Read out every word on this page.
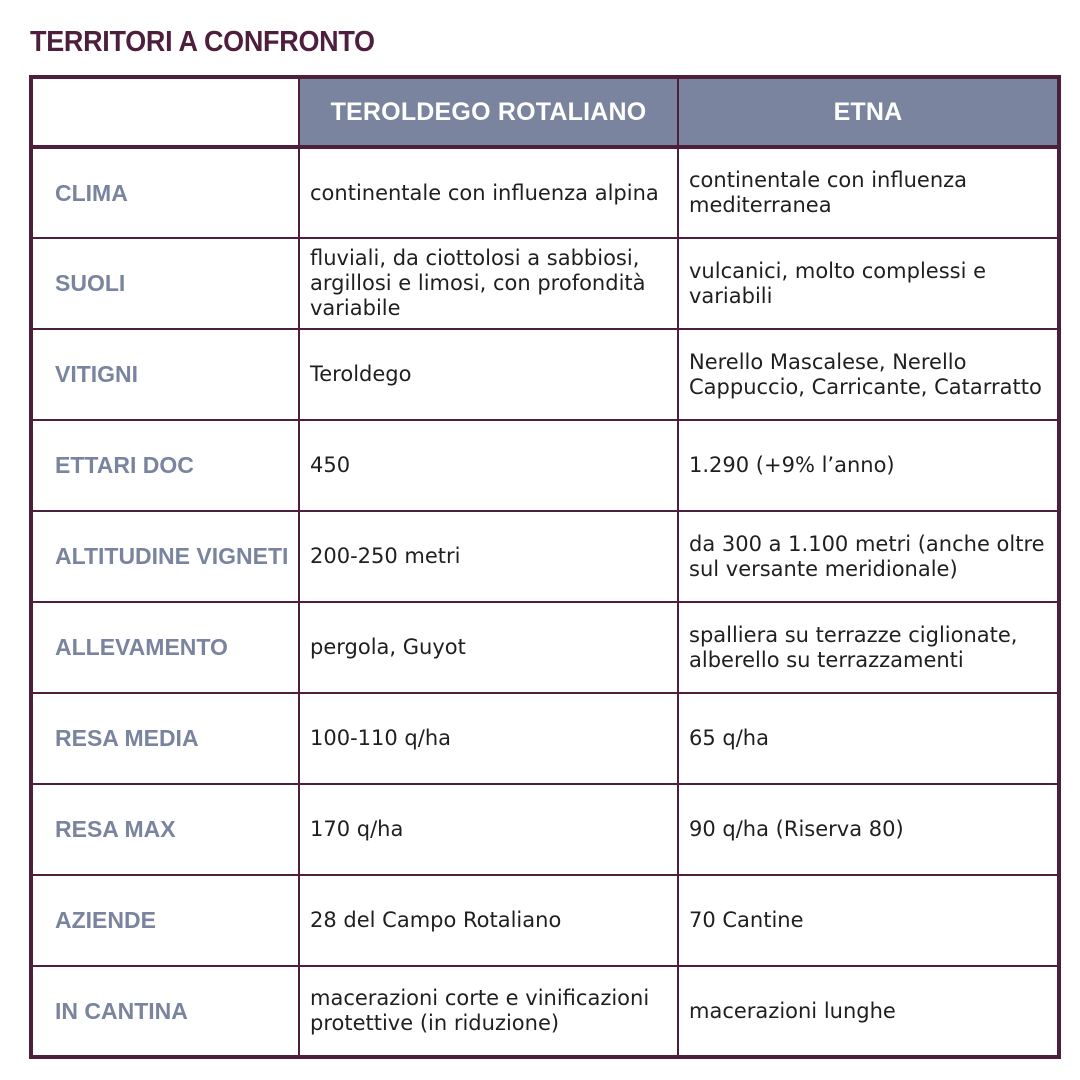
TERRITORI A CONFRONTO
	TEROLDEGO ROTALIANO	ETNA
CLIMA	continentale con influenza alpina	continentale con influenza mediterranea
SUOLI	fluviali, da ciottolosi a sabbiosi, argillosi e limosi, con profondità variabile	vulcanici, molto complessi e variabili
VITIGNI	Teroldego	Nerello Mascalese, Nerello Cappuccio, Carricante, Catarratto
ETTARI DOC	450	1.290 (+9% l’anno)
ALTITUDINE VIGNETI	200-250 metri	da 300 a 1.100 metri (anche oltre sul versante meridionale)
ALLEVAMENTO	pergola, Guyot	spalliera su terrazze ciglionate, alberello su terrazzamenti
RESA MEDIA	100-110 q/ha	65 q/ha
RESA MAX	170 q/ha	90 q/ha (Riserva 80)
AZIENDE	28 del Campo Rotaliano	70 Cantine
IN CANTINA	macerazioni corte e vinificazioni protettive (in riduzione)	macerazioni lunghe
